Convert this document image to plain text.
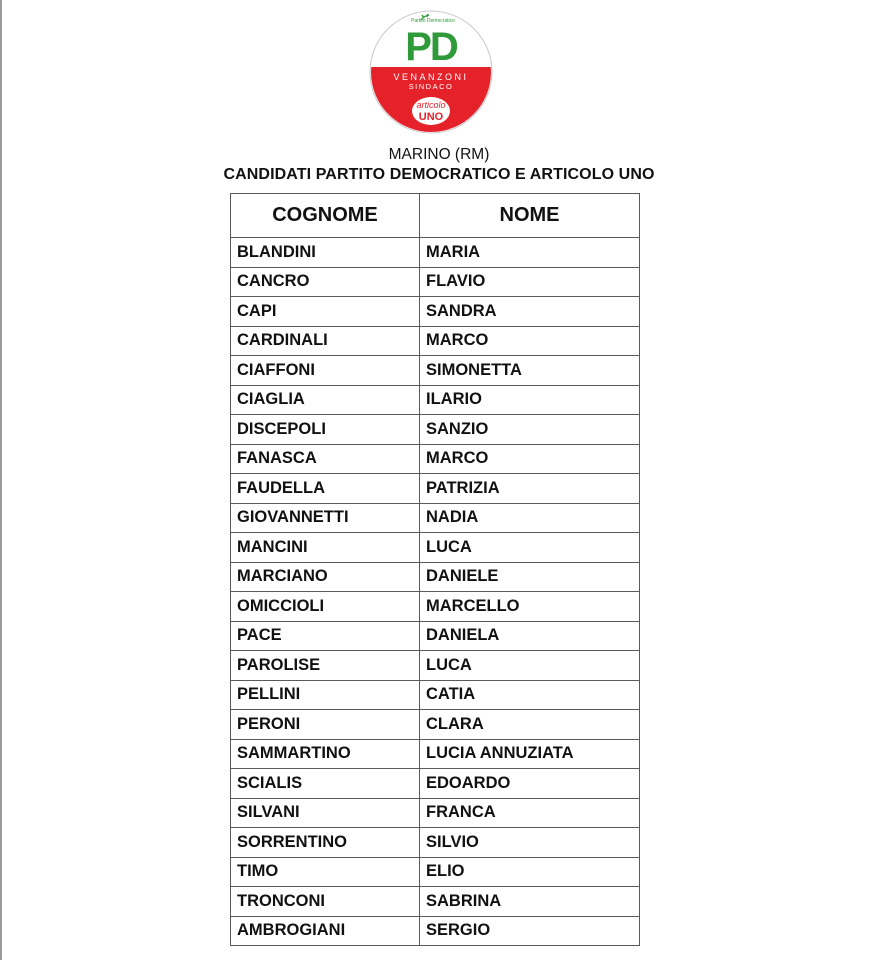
Partito Democratico
PD
VENANZONI
SINDACO
articolo
UNO
MARINO (RM)
CANDIDATI PARTITO DEMOCRATICO E ARTICOLO UNO
COGNOME	NOME
BLANDINI	MARIA
CANCRO	FLAVIO
CAPI	SANDRA
CARDINALI	MARCO
CIAFFONI	SIMONETTA
CIAGLIA	ILARIO
DISCEPOLI	SANZIO
FANASCA	MARCO
FAUDELLA	PATRIZIA
GIOVANNETTI	NADIA
MANCINI	LUCA
MARCIANO	DANIELE
OMICCIOLI	MARCELLO
PACE	DANIELA
PAROLISE	LUCA
PELLINI	CATIA
PERONI	CLARA
SAMMARTINO	LUCIA ANNUZIATA
SCIALIS	EDOARDO
SILVANI	FRANCA
SORRENTINO	SILVIO
TIMO	ELIO
TRONCONI	SABRINA
AMBROGIANI	SERGIO
